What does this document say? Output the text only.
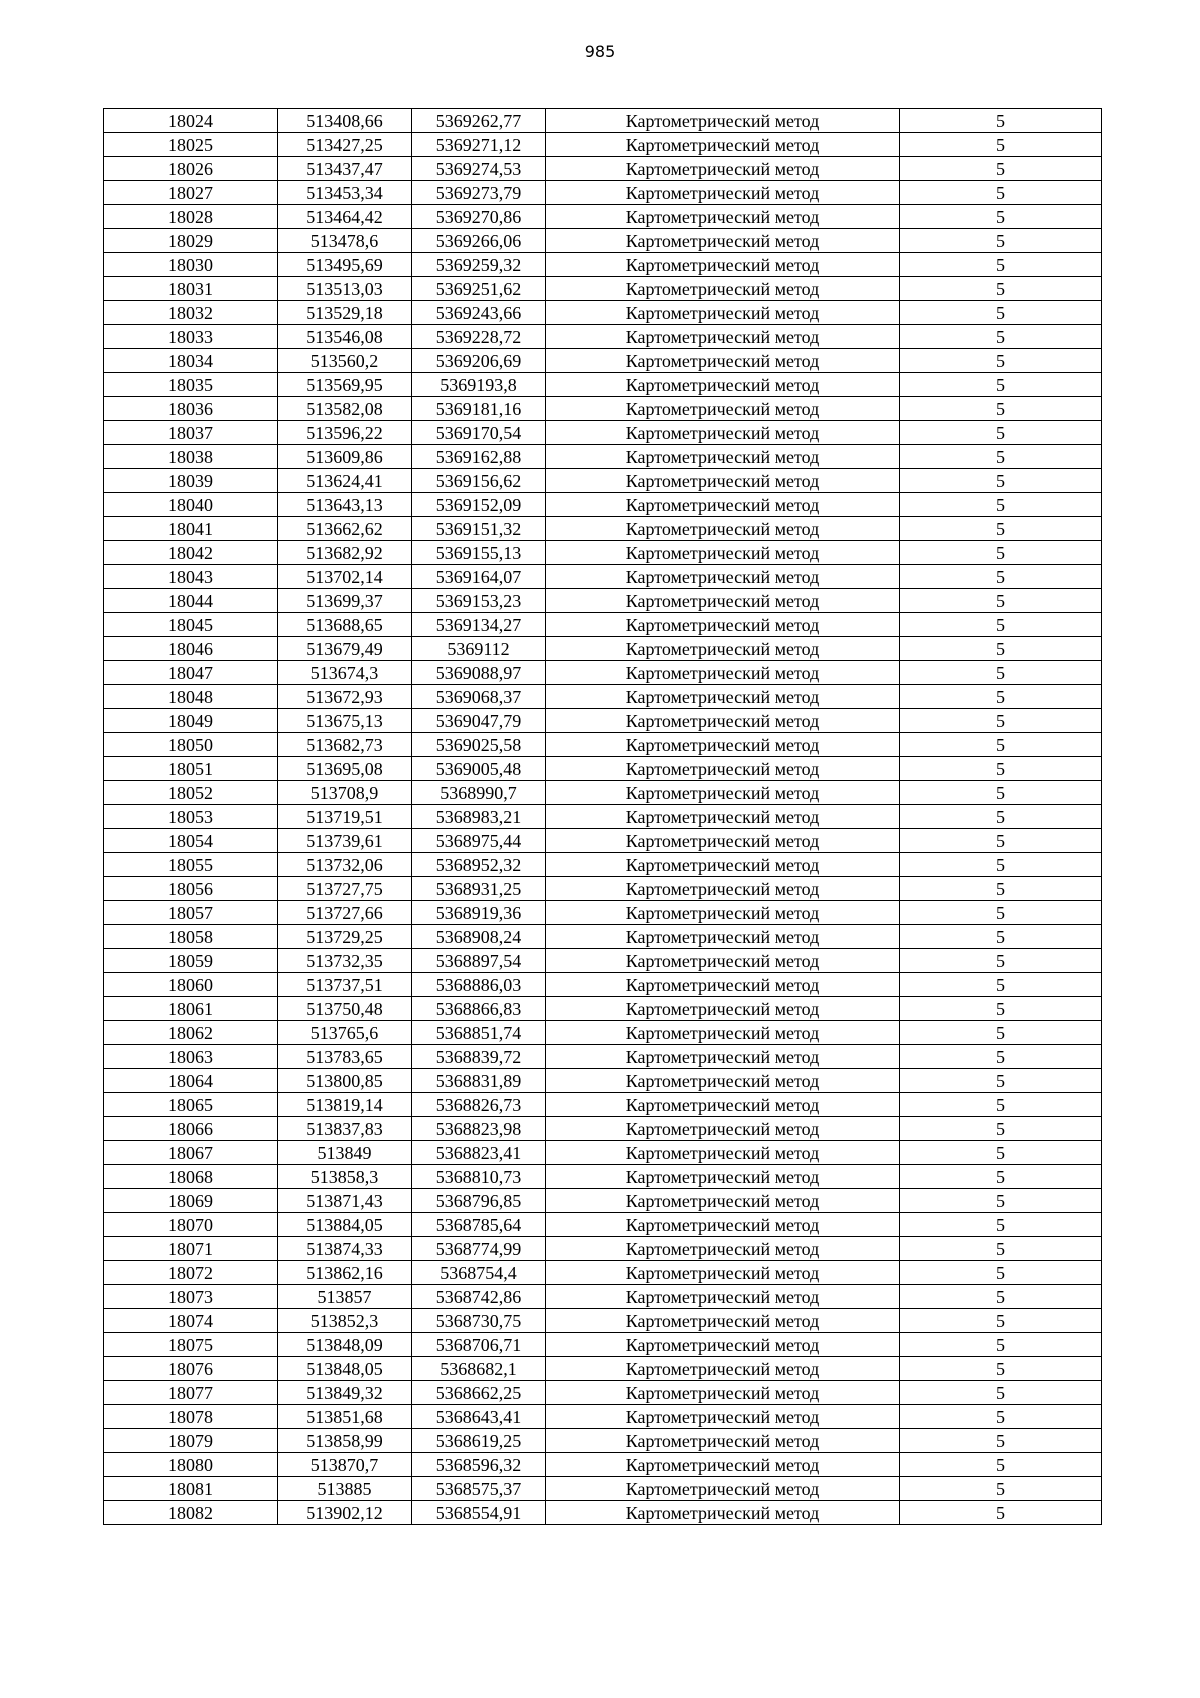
985
18024	513408,66	5369262,77	Картометрический метод	5
18025	513427,25	5369271,12	Картометрический метод	5
18026	513437,47	5369274,53	Картометрический метод	5
18027	513453,34	5369273,79	Картометрический метод	5
18028	513464,42	5369270,86	Картометрический метод	5
18029	513478,6	5369266,06	Картометрический метод	5
18030	513495,69	5369259,32	Картометрический метод	5
18031	513513,03	5369251,62	Картометрический метод	5
18032	513529,18	5369243,66	Картометрический метод	5
18033	513546,08	5369228,72	Картометрический метод	5
18034	513560,2	5369206,69	Картометрический метод	5
18035	513569,95	5369193,8	Картометрический метод	5
18036	513582,08	5369181,16	Картометрический метод	5
18037	513596,22	5369170,54	Картометрический метод	5
18038	513609,86	5369162,88	Картометрический метод	5
18039	513624,41	5369156,62	Картометрический метод	5
18040	513643,13	5369152,09	Картометрический метод	5
18041	513662,62	5369151,32	Картометрический метод	5
18042	513682,92	5369155,13	Картометрический метод	5
18043	513702,14	5369164,07	Картометрический метод	5
18044	513699,37	5369153,23	Картометрический метод	5
18045	513688,65	5369134,27	Картометрический метод	5
18046	513679,49	5369112	Картометрический метод	5
18047	513674,3	5369088,97	Картометрический метод	5
18048	513672,93	5369068,37	Картометрический метод	5
18049	513675,13	5369047,79	Картометрический метод	5
18050	513682,73	5369025,58	Картометрический метод	5
18051	513695,08	5369005,48	Картометрический метод	5
18052	513708,9	5368990,7	Картометрический метод	5
18053	513719,51	5368983,21	Картометрический метод	5
18054	513739,61	5368975,44	Картометрический метод	5
18055	513732,06	5368952,32	Картометрический метод	5
18056	513727,75	5368931,25	Картометрический метод	5
18057	513727,66	5368919,36	Картометрический метод	5
18058	513729,25	5368908,24	Картометрический метод	5
18059	513732,35	5368897,54	Картометрический метод	5
18060	513737,51	5368886,03	Картометрический метод	5
18061	513750,48	5368866,83	Картометрический метод	5
18062	513765,6	5368851,74	Картометрический метод	5
18063	513783,65	5368839,72	Картометрический метод	5
18064	513800,85	5368831,89	Картометрический метод	5
18065	513819,14	5368826,73	Картометрический метод	5
18066	513837,83	5368823,98	Картометрический метод	5
18067	513849	5368823,41	Картометрический метод	5
18068	513858,3	5368810,73	Картометрический метод	5
18069	513871,43	5368796,85	Картометрический метод	5
18070	513884,05	5368785,64	Картометрический метод	5
18071	513874,33	5368774,99	Картометрический метод	5
18072	513862,16	5368754,4	Картометрический метод	5
18073	513857	5368742,86	Картометрический метод	5
18074	513852,3	5368730,75	Картометрический метод	5
18075	513848,09	5368706,71	Картометрический метод	5
18076	513848,05	5368682,1	Картометрический метод	5
18077	513849,32	5368662,25	Картометрический метод	5
18078	513851,68	5368643,41	Картометрический метод	5
18079	513858,99	5368619,25	Картометрический метод	5
18080	513870,7	5368596,32	Картометрический метод	5
18081	513885	5368575,37	Картометрический метод	5
18082	513902,12	5368554,91	Картометрический метод	5
